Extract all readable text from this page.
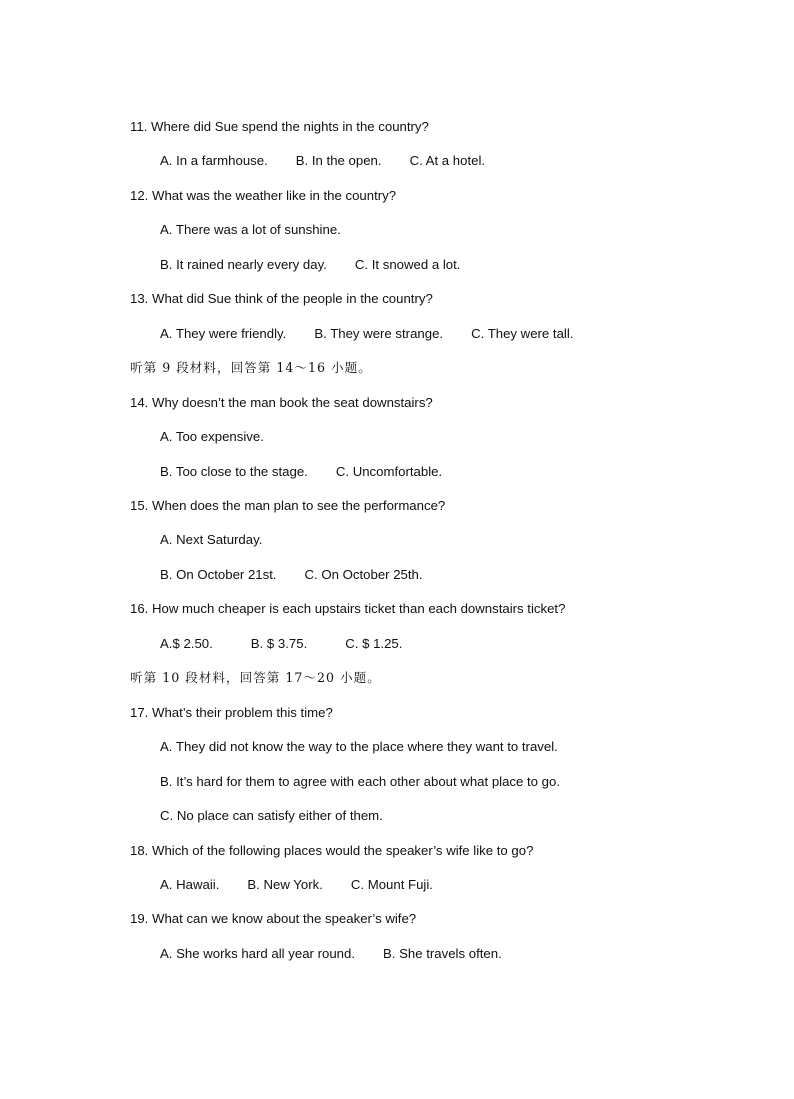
11. Where did Sue spend the nights in the country?
A. In a farmhouse. B. In the open. C. At a hotel.
12. What was the weather like in the country?
A. There was a lot of sunshine.
B. It rained nearly every day. C. It snowed a lot.
13. What did Sue think of the people in the country?
A. They were friendly. B. They were strange. C. They were tall.
听第 9 段材料，回答第 14～16 小题。
14. Why doesn’t the man book the seat downstairs?
A. Too expensive.
B. Too close to the stage. C. Uncomfortable.
15. When does the man plan to see the performance?
A. Next Saturday.
B. On October 21st. C. On October 25th.
16. How much cheaper is each upstairs ticket than each downstairs ticket?
A.$ 2.50.	B. $ 3.75.	C. $ 1.25.
听第 10 段材料，回答第 17～20 小题。
17. What’s their problem this time?
A. They did not know the way to the place where they want to travel.
B. It’s hard for them to agree with each other about what place to go.
C. No place can satisfy either of them.
18. Which of the following places would the speaker’s wife like to go?
A. Hawaii. B. New York. C. Mount Fuji.
19. What can we know about the speaker’s wife?
A. She works hard all year round. B. She travels often.
